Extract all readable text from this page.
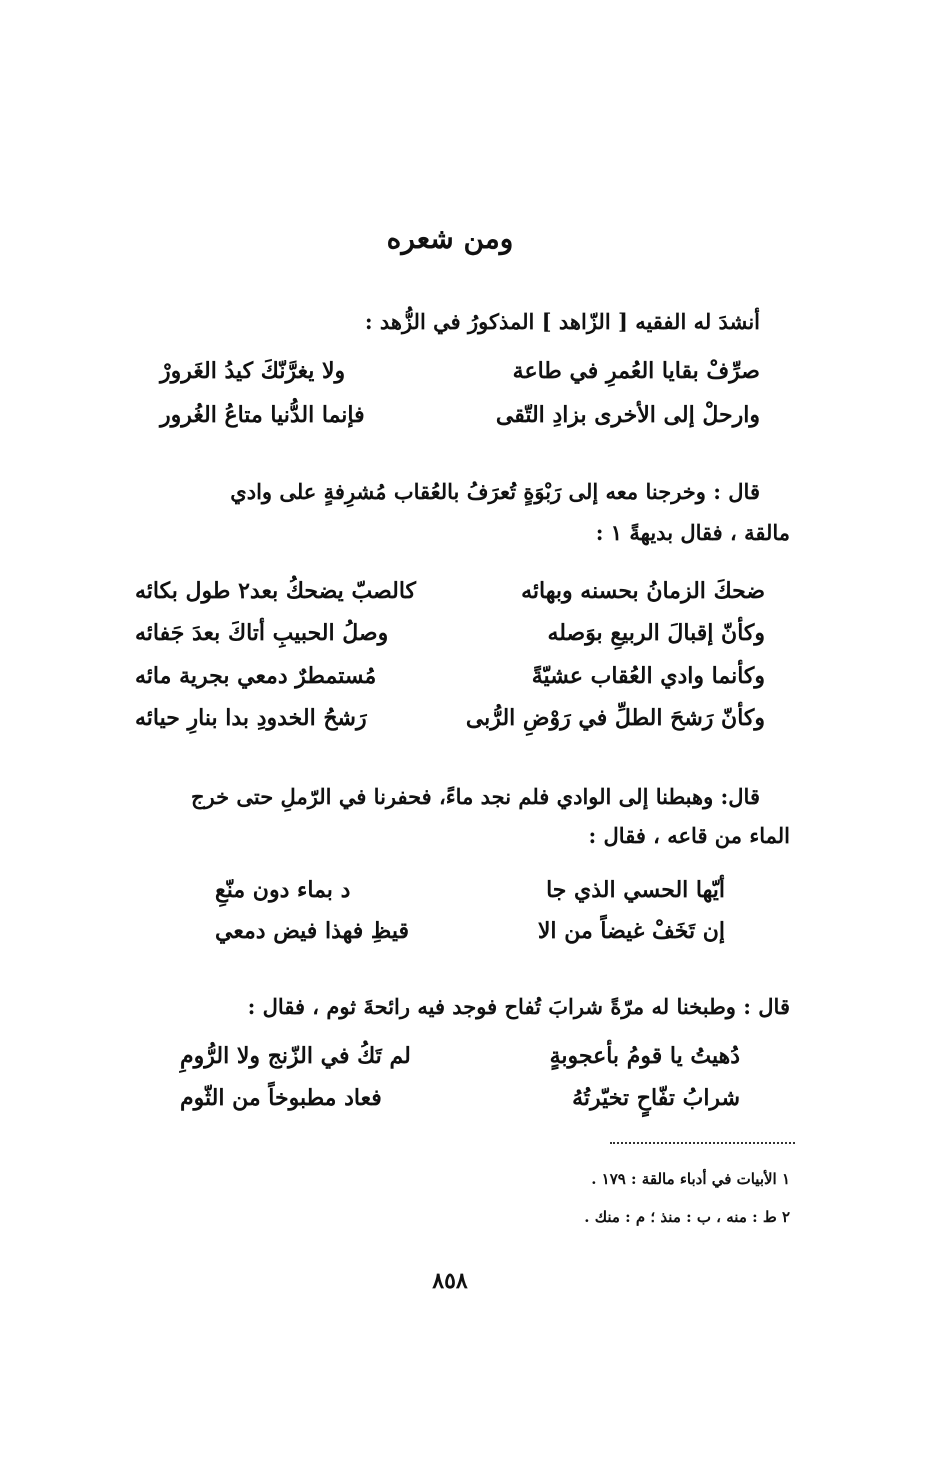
ومن شعره
أنشدَ له الفقيه [ الزّاهد ] المذكورُ في الزُّهد :
صرِّفْ بقايا العُمرِ في طاعة
ولا يغرَّنّكَ كيدُ الغَرورْ
وارحلْ إلى الأخرى بزادِ التّقى
فإنما الدُّنيا متاعُ الغُرور
قال : وخرجنا معه إلى رَبْوَةٍ تُعرَفُ بالعُقاب مُشرِفةٍ على وادي
مالقة ، فقال بديهةً ١ :
ضحكَ الزمانُ بحسنه وبهائه
كالصبّ يضحكُ بعد٢ طول بكائه
وكأنّ إقبالَ الربيعِ بوَصله
وصلُ الحبيبِ أتاكَ بعدَ جَفائه
وكأنما وادي العُقاب عشيّةً
مُستمطرٌ دمعي بجرية مائه
وكأنّ رَشحَ الطلِّ في رَوْضِ الرُّبى
رَشحُ الخدودِ بدا بنارِ حيائه
قال: وهبطنا إلى الوادي فلم نجد ماءً، فحفرنا في الرّملِ حتى خرج
الماء من قاعه ، فقال :
أيّها الحسي الذي جا
د بماء دون منّعِ
إن تَخَفْ غيضاً من الا
قيظِ فهذا فيض دمعي
قال : وطبخنا له مرّةً شرابَ تُفاح فوجد فيه رائحةَ ثوم ، فقال :
دُهيتُ يا قومُ بأعجوبةٍ
لم تَكُ في الزّنج ولا الرُّومِ
شرابُ تفّاحٍ تخيّرتُهُ
فعاد مطبوخاً من الثّوم
١ الأبيات في أدباء مالقة : ١٧٩ .
٢ ط : منه ، ب : منذ ؛ م : منك .
٨٥٨
